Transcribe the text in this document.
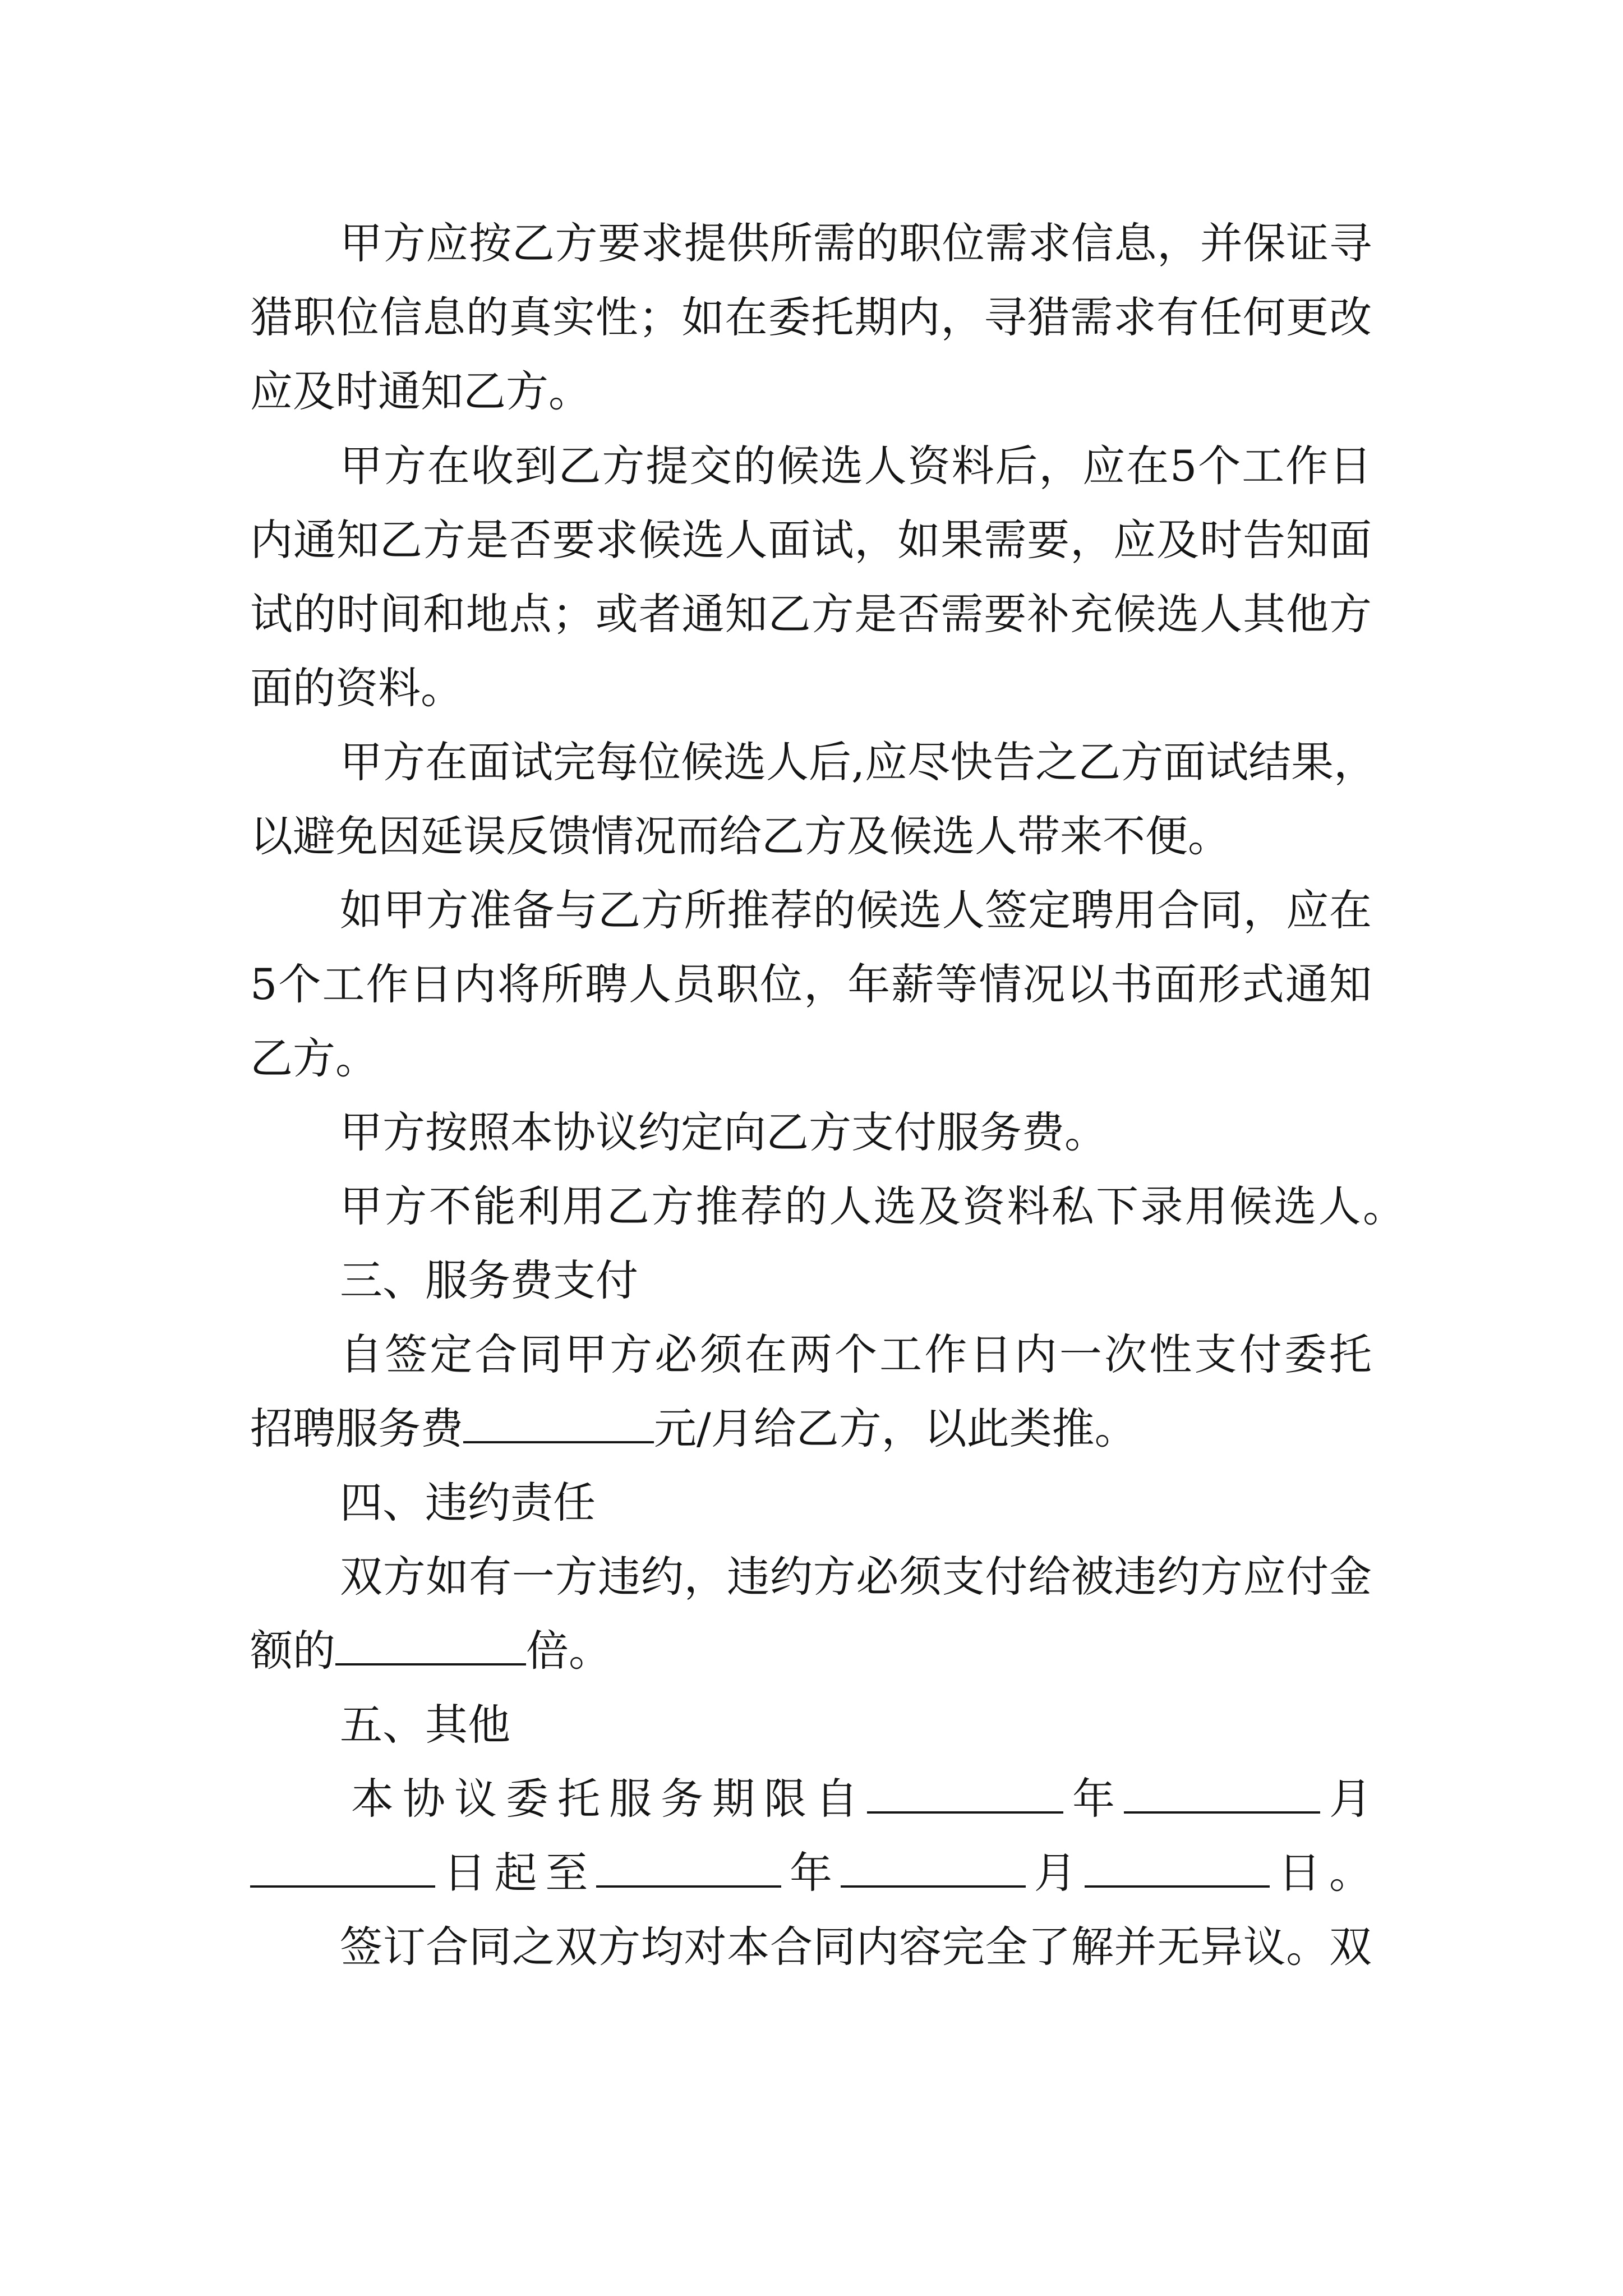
甲方应按乙方要求提供所需的职位需求信息，并保证寻
猎职位信息的真实性；如在委托期内，寻猎需求有任何更改
应及时通知乙方。
甲方在收到乙方提交的候选人资料后，应在5个工作日
内通知乙方是否要求候选人面试，如果需要，应及时告知面
试的时间和地点；或者通知乙方是否需要补充候选人其他方
面的资料。
甲方在面试完每位候选人后,应尽快告之乙方面试结果，
以避免因延误反馈情况而给乙方及候选人带来不便。
如甲方准备与乙方所推荐的候选人签定聘用合同，应在
5个工作日内将所聘人员职位，年薪等情况以书面形式通知
乙方。
甲方按照本协议约定向乙方支付服务费。
甲方不能利用乙方推荐的人选及资料私下录用候选人。
三、服务费支付
自签定合同甲方必须在两个工作日内一次性支付委托
招聘服务费	元/月给乙方，以此类推。
四、违约责任
双方如有一方违约，违约方必须支付给被违约方应付金
额的	倍。
五、其他
本协议委托服务期限自	年	月
日起至	年	月	日。
签订合同之双方均对本合同内容完全了解并无异议。双
